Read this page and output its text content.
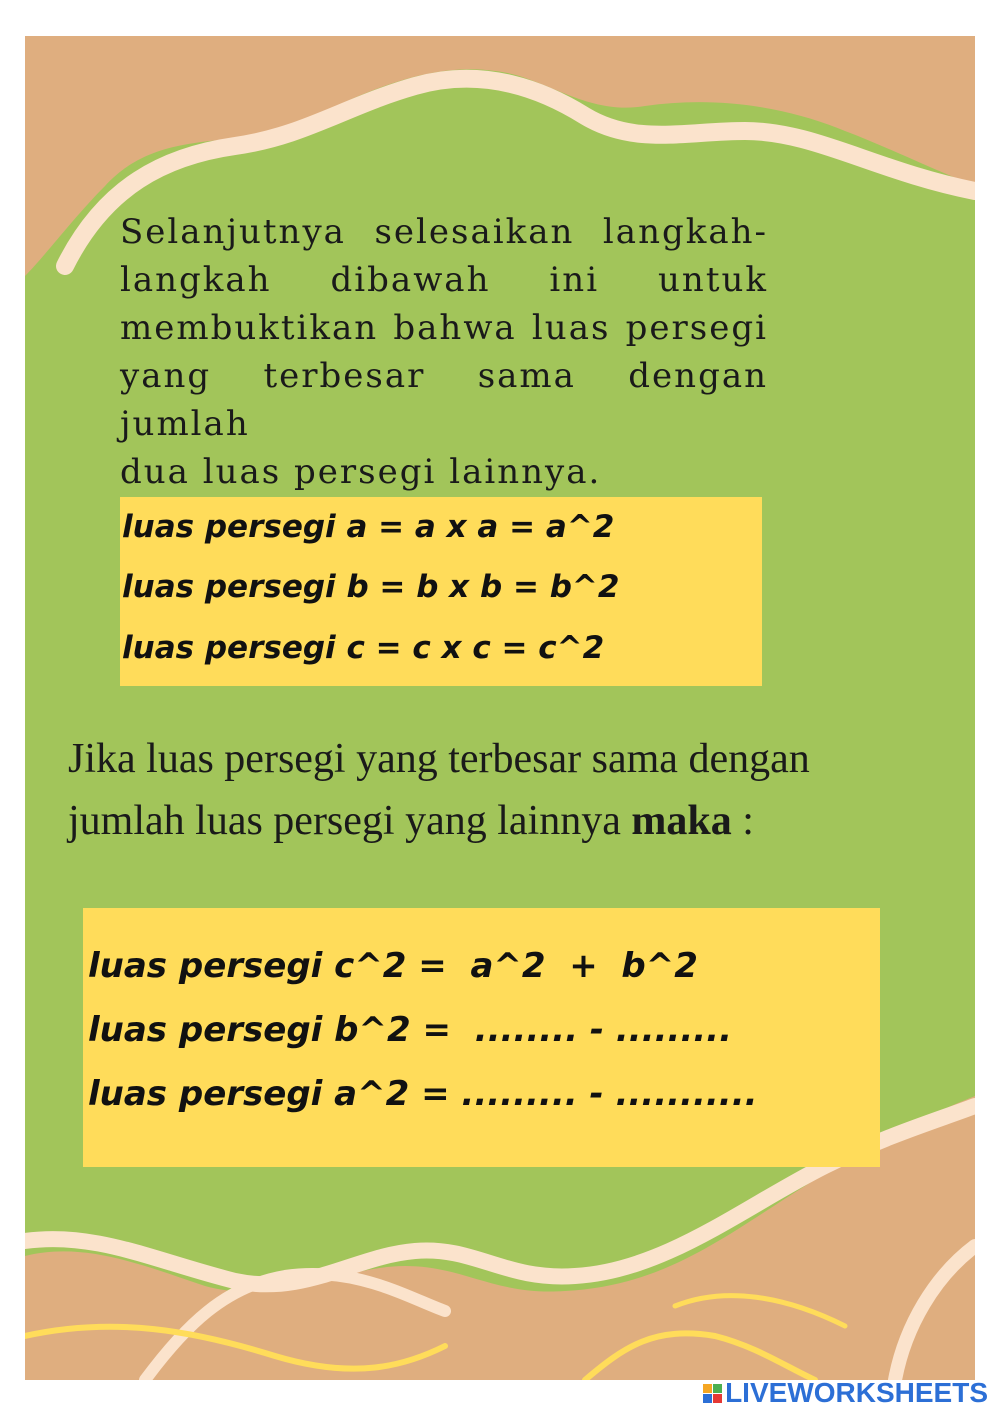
Selanjutnya selesaikan langkah-
langkah dibawah ini untuk
membuktikan bahwa luas persegi
yang terbesar sama dengan jumlah
dua luas persegi lainnya.
luas persegi a = a x a = a^2
luas persegi b = b x b = b^2
luas persegi c = c x c = c^2
Jika luas persegi yang terbesar sama dengan
jumlah luas persegi yang lainnya maka :
luas persegi c^2 =  a^2  +  b^2
luas persegi b^2 =  ........ - .........
luas persegi a^2 = ......... - ...........
LIVEWORKSHEETS
